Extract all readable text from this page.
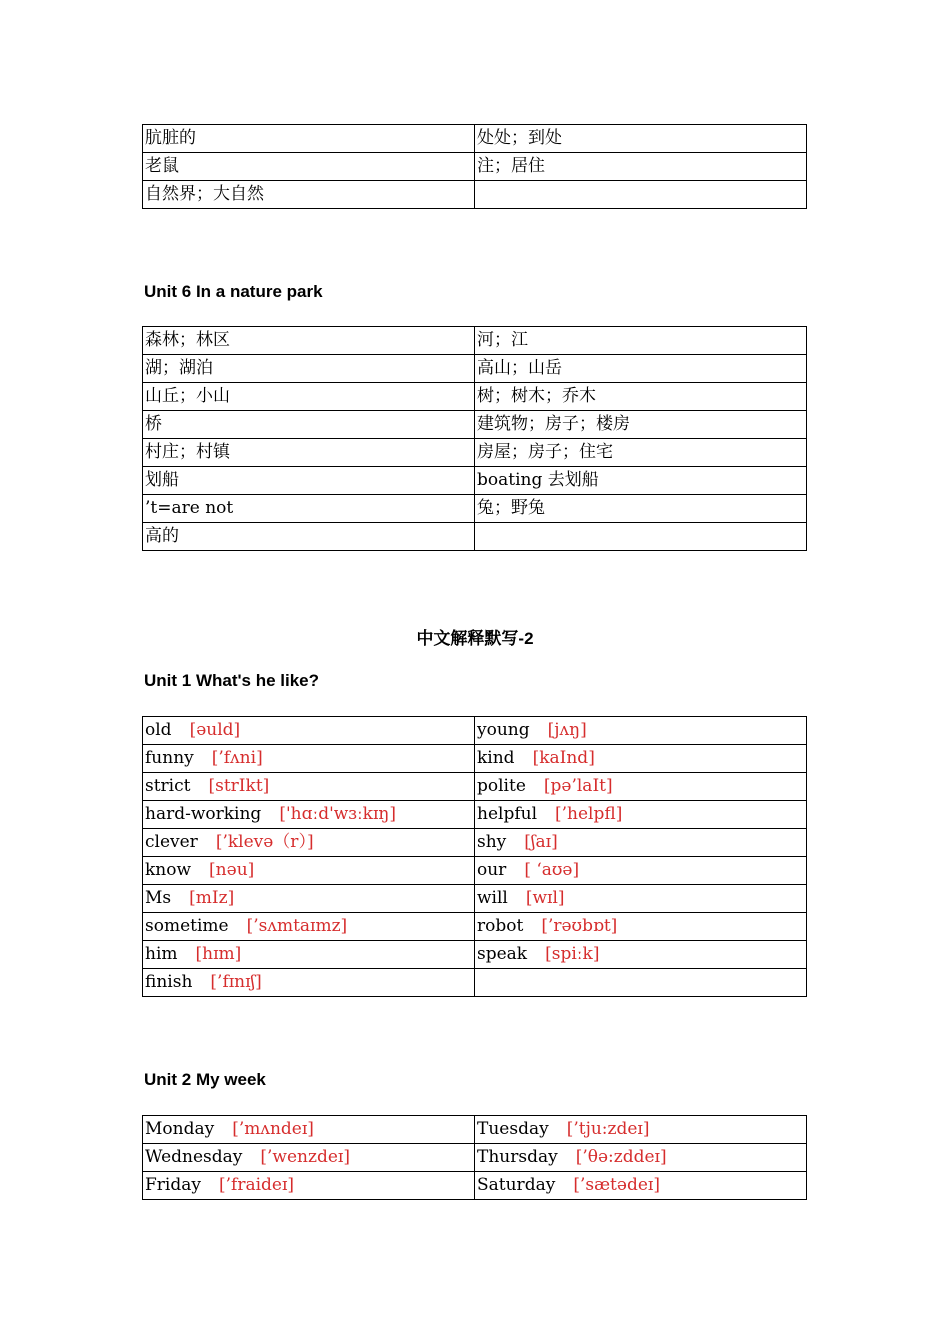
肮脏的	处处；到处
老鼠	注；居住
自然界；大自然	
Unit 6 In a nature park
森林；林区	河；江
湖；湖泊	高山；山岳
山丘；小山	树；树木；乔木
桥	建筑物；房子；楼房
村庄；村镇	房屋；房子；住宅
划船	boating 去划船
’t=are not	兔；野兔
高的	
中文解释默写-2
Unit 1 What's he like?
old [əuld]	young [jʌŋ]
funny [’fʌni]	kind [kaInd]
strict [strIkt]	polite [pə’laIt]
hard-working ['hɑːd'wɜːkɪŋ]	helpful [’helpfl]
clever [’klevə（r）]	shy [ʃaɪ]
know [nəu]	our [ ‘aʊə]
Ms [mIz]	will [wɪl]
sometime [’sʌmtaɪmz]	robot [’rəʊbɒt]
him [hɪm]	speak [spiːk]
finish [’fɪnɪʃ]	
Unit 2 My week
Monday [’mʌndeɪ]	Tuesday [’tju:zdeɪ]
Wednesday [’wenzdeɪ]	Thursday [’θə:zddeɪ]
Friday [’fraideɪ]	Saturday [’sætədeɪ]
